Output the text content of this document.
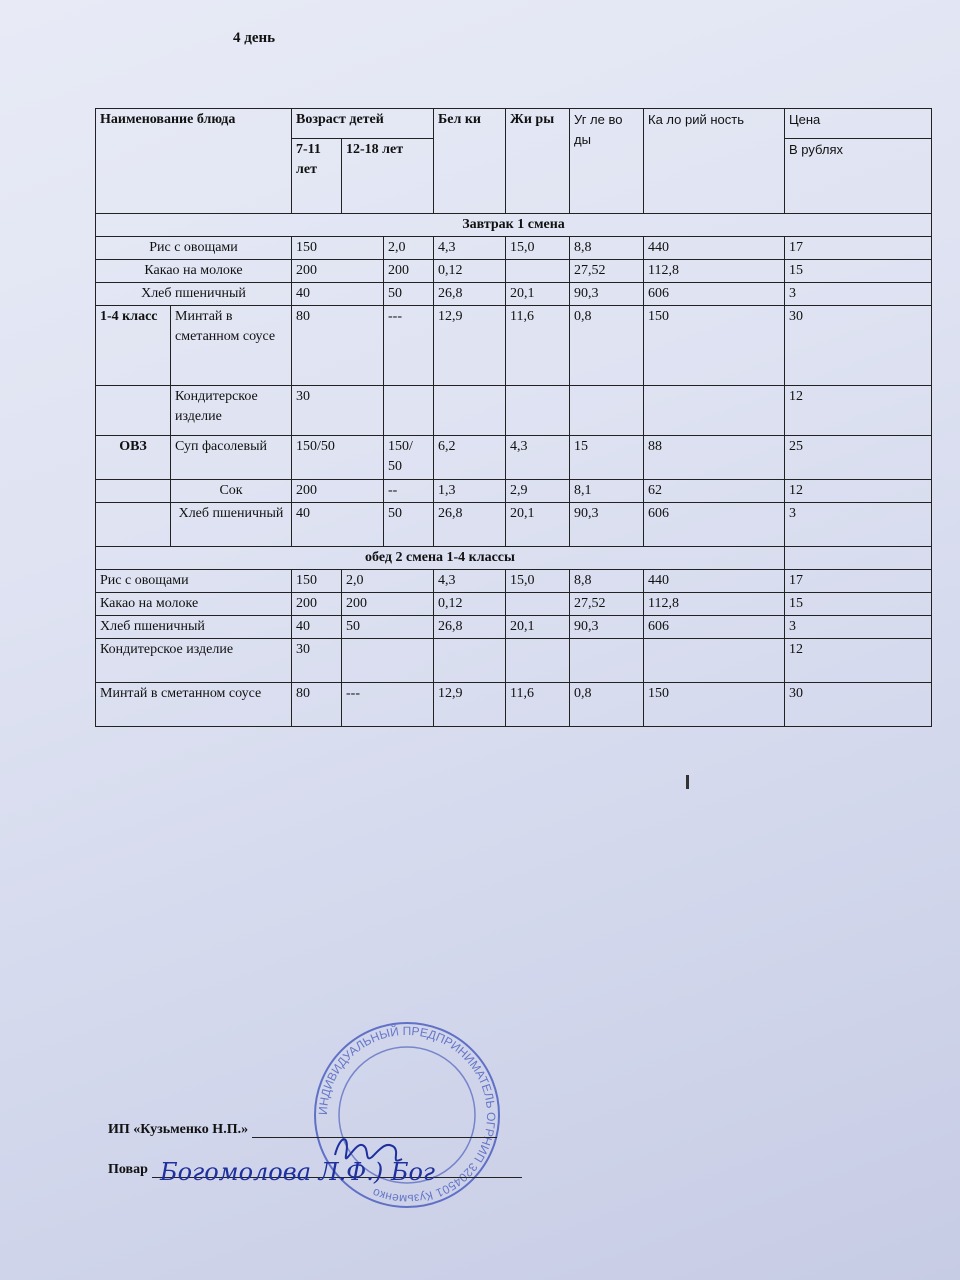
4 день
Наименование блюда		Возраст детей			Бел ки	Жи ры	Уг ле во ды	Ка ло рий ность	Цена
		7-11 лет	12-18 лет						В рублях
Завтрак 1 смена									
Рис с овощами		150		2,0	4,3	15,0	8,8	440	17
Какао на молоке		200		200	0,12		27,52	112,8	15
Хлеб пшеничный		40		50	26,8	20,1	90,3	606	3
1-4 класс	Минтай в сметанном соусе	80		---	12,9	11,6	0,8	150	30
	Кондитерское изделие	30							12
ОВЗ	Суп фасолевый	150/50		150/ 50	6,2	4,3	15	88	25
	Сок	200		--	1,3	2,9	8,1	62	12
	Хлеб пшеничный	40		50	26,8	20,1	90,3	606	3
обед 2 смена 1-4 классы									
Рис с овощами		150	2,0		4,3	15,0	8,8	440	17
Какао на молоке		200	200		0,12		27,52	112,8	15
Хлеб пшеничный		40	50		26,8	20,1	90,3	606	3
Кондитерское изделие		30							12
Минтай в сметанном соусе		80	---		12,9	11,6	0,8	150	30
ИНДИВИДУАЛЬНЫЙ ПРЕДПРИНИМАТЕЛЬ ОГРНИП 3204501 Кузьменко
ИП «Кузьменко Н.П.»
Повар Богомолова Л.Ф.) Бог
